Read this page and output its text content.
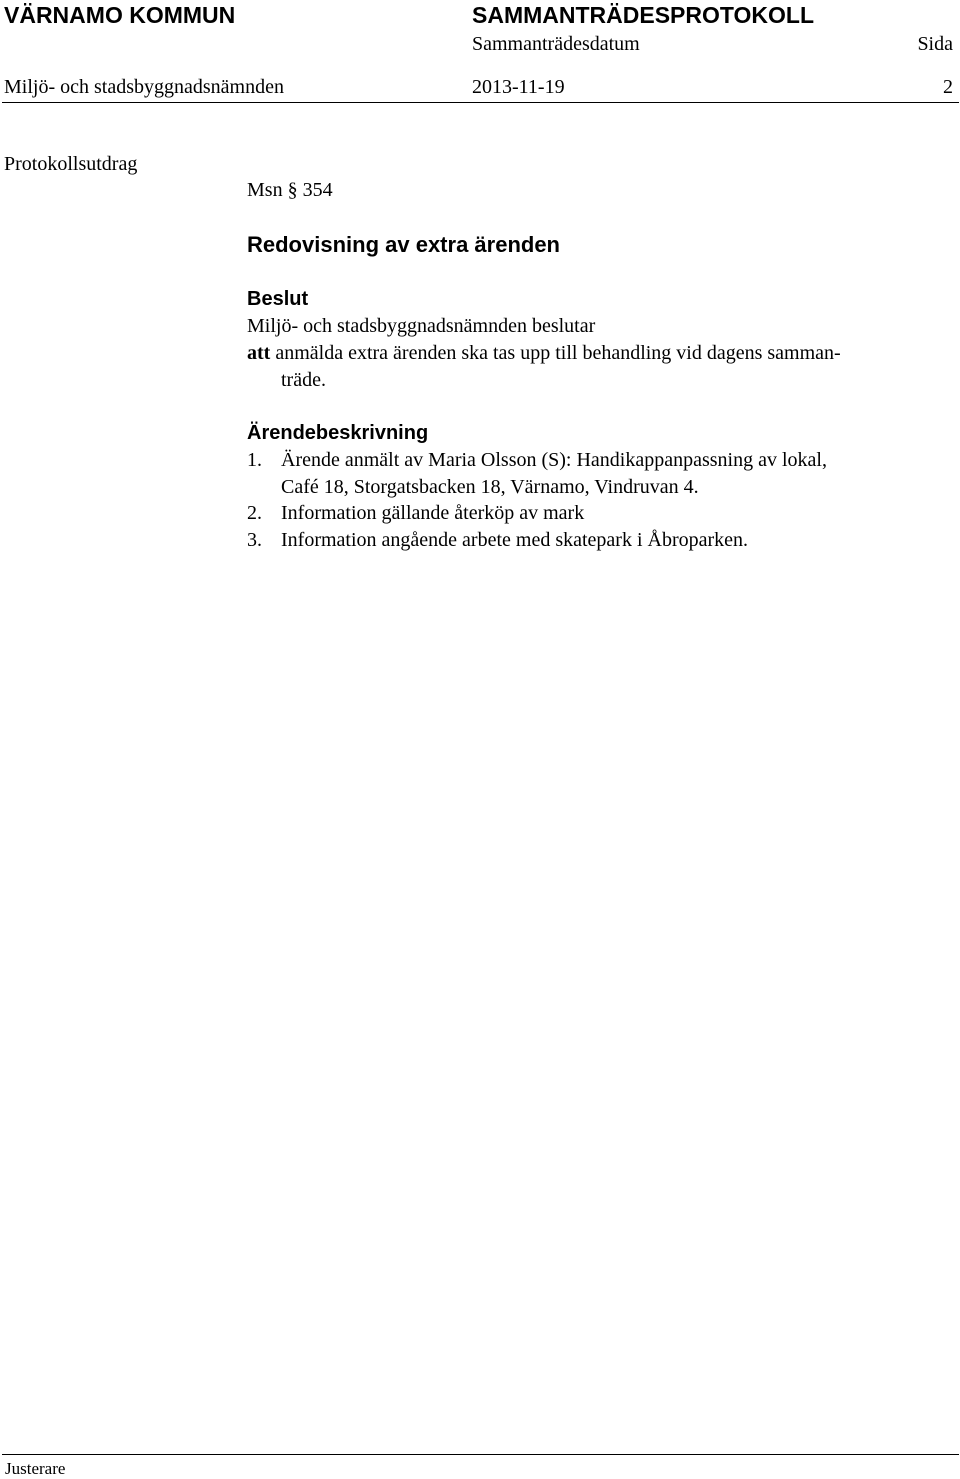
VÄRNAMO KOMMUN	SAMMANTRÄDESPROTOKOLL
Sammanträdesdatum	Sida
Miljö- och stadsbyggnadsnämnden	2013-11-19	2
Protokollsutdrag
Msn § 354
Redovisning av extra ärenden
Beslut
Miljö- och stadsbyggnadsnämnden beslutar
att anmälda extra ärenden ska tas upp till behandling vid dagens samman-
träde.
Ärendebeskrivning
1. Ärende anmält av Maria Olsson (S): Handikappanpassning av lokal,
Café 18, Storgatsbacken 18, Värnamo, Vindruvan 4.
2. Information gällande återköp av mark
3. Information angående arbete med skatepark i Åbroparken.
Justerare
